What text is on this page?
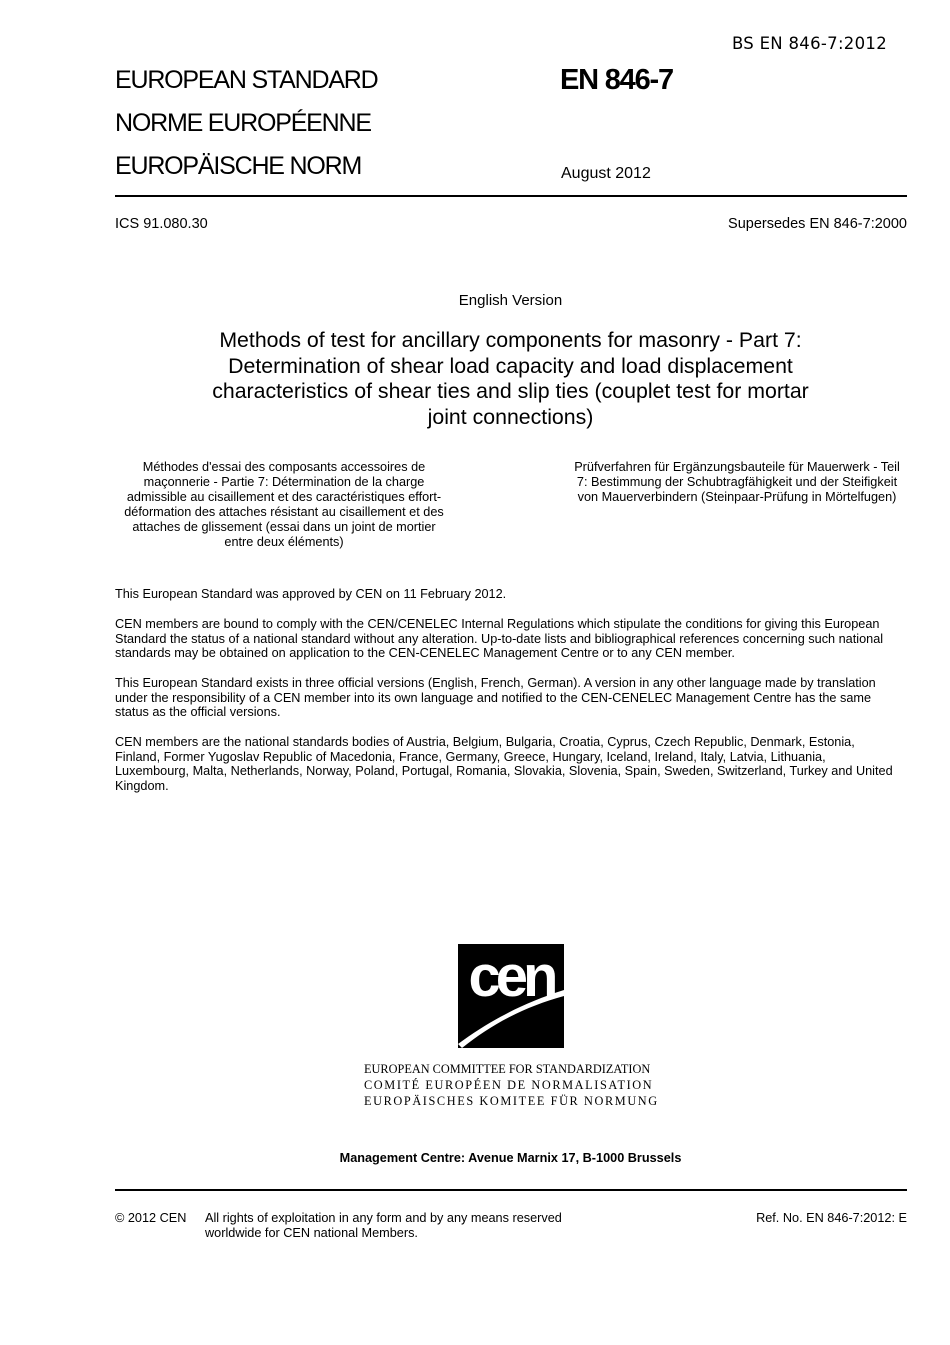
BS EN 846-7:2012
EUROPEAN STANDARD
NORME EUROPÉENNE
EUROPÄISCHE NORM
EN 846-7
August 2012
ICS 91.080.30	Supersedes EN 846-7:2000
English Version
Methods of test for ancillary components for masonry - Part 7:
Determination of shear load capacity and load displacement
characteristics of shear ties and slip ties (couplet test for mortar
joint connections)
Méthodes d'essai des composants accessoires de
maçonnerie - Partie 7: Détermination de la charge
admissible au cisaillement et des caractéristiques effort-
déformation des attaches résistant au cisaillement et des
attaches de glissement (essai dans un joint de mortier
entre deux éléments)
Prüfverfahren für Ergänzungsbauteile für Mauerwerk - Teil
7: Bestimmung der Schubtragfähigkeit und der Steifigkeit
von Mauerverbindern (Steinpaar-Prüfung in Mörtelfugen)
This European Standard was approved by CEN on 11 February 2012.
CEN members are bound to comply with the CEN/CENELEC Internal Regulations which stipulate the conditions for giving this European
Standard the status of a national standard without any alteration. Up-to-date lists and bibliographical references concerning such national
standards may be obtained on application to the CEN-CENELEC Management Centre or to any CEN member.
This European Standard exists in three official versions (English, French, German). A version in any other language made by translation
under the responsibility of a CEN member into its own language and notified to the CEN-CENELEC Management Centre has the same
status as the official versions.
CEN members are the national standards bodies of Austria, Belgium, Bulgaria, Croatia, Cyprus, Czech Republic, Denmark, Estonia,
Finland, Former Yugoslav Republic of Macedonia, France, Germany, Greece, Hungary, Iceland, Ireland, Italy, Latvia, Lithuania,
Luxembourg, Malta, Netherlands, Norway, Poland, Portugal, Romania, Slovakia, Slovenia, Spain, Sweden, Switzerland, Turkey and United
Kingdom.
cen
EUROPEAN COMMITTEE FOR STANDARDIZATION
COMITÉ EUROPÉEN DE NORMALISATION
EUROPÄISCHES KOMITEE FÜR NORMUNG
Management Centre: Avenue Marnix 17, B-1000 Brussels
© 2012 CEN All rights of exploitation in any form and by any means reserved
worldwide for CEN national Members.
Ref. No. EN 846-7:2012: E
